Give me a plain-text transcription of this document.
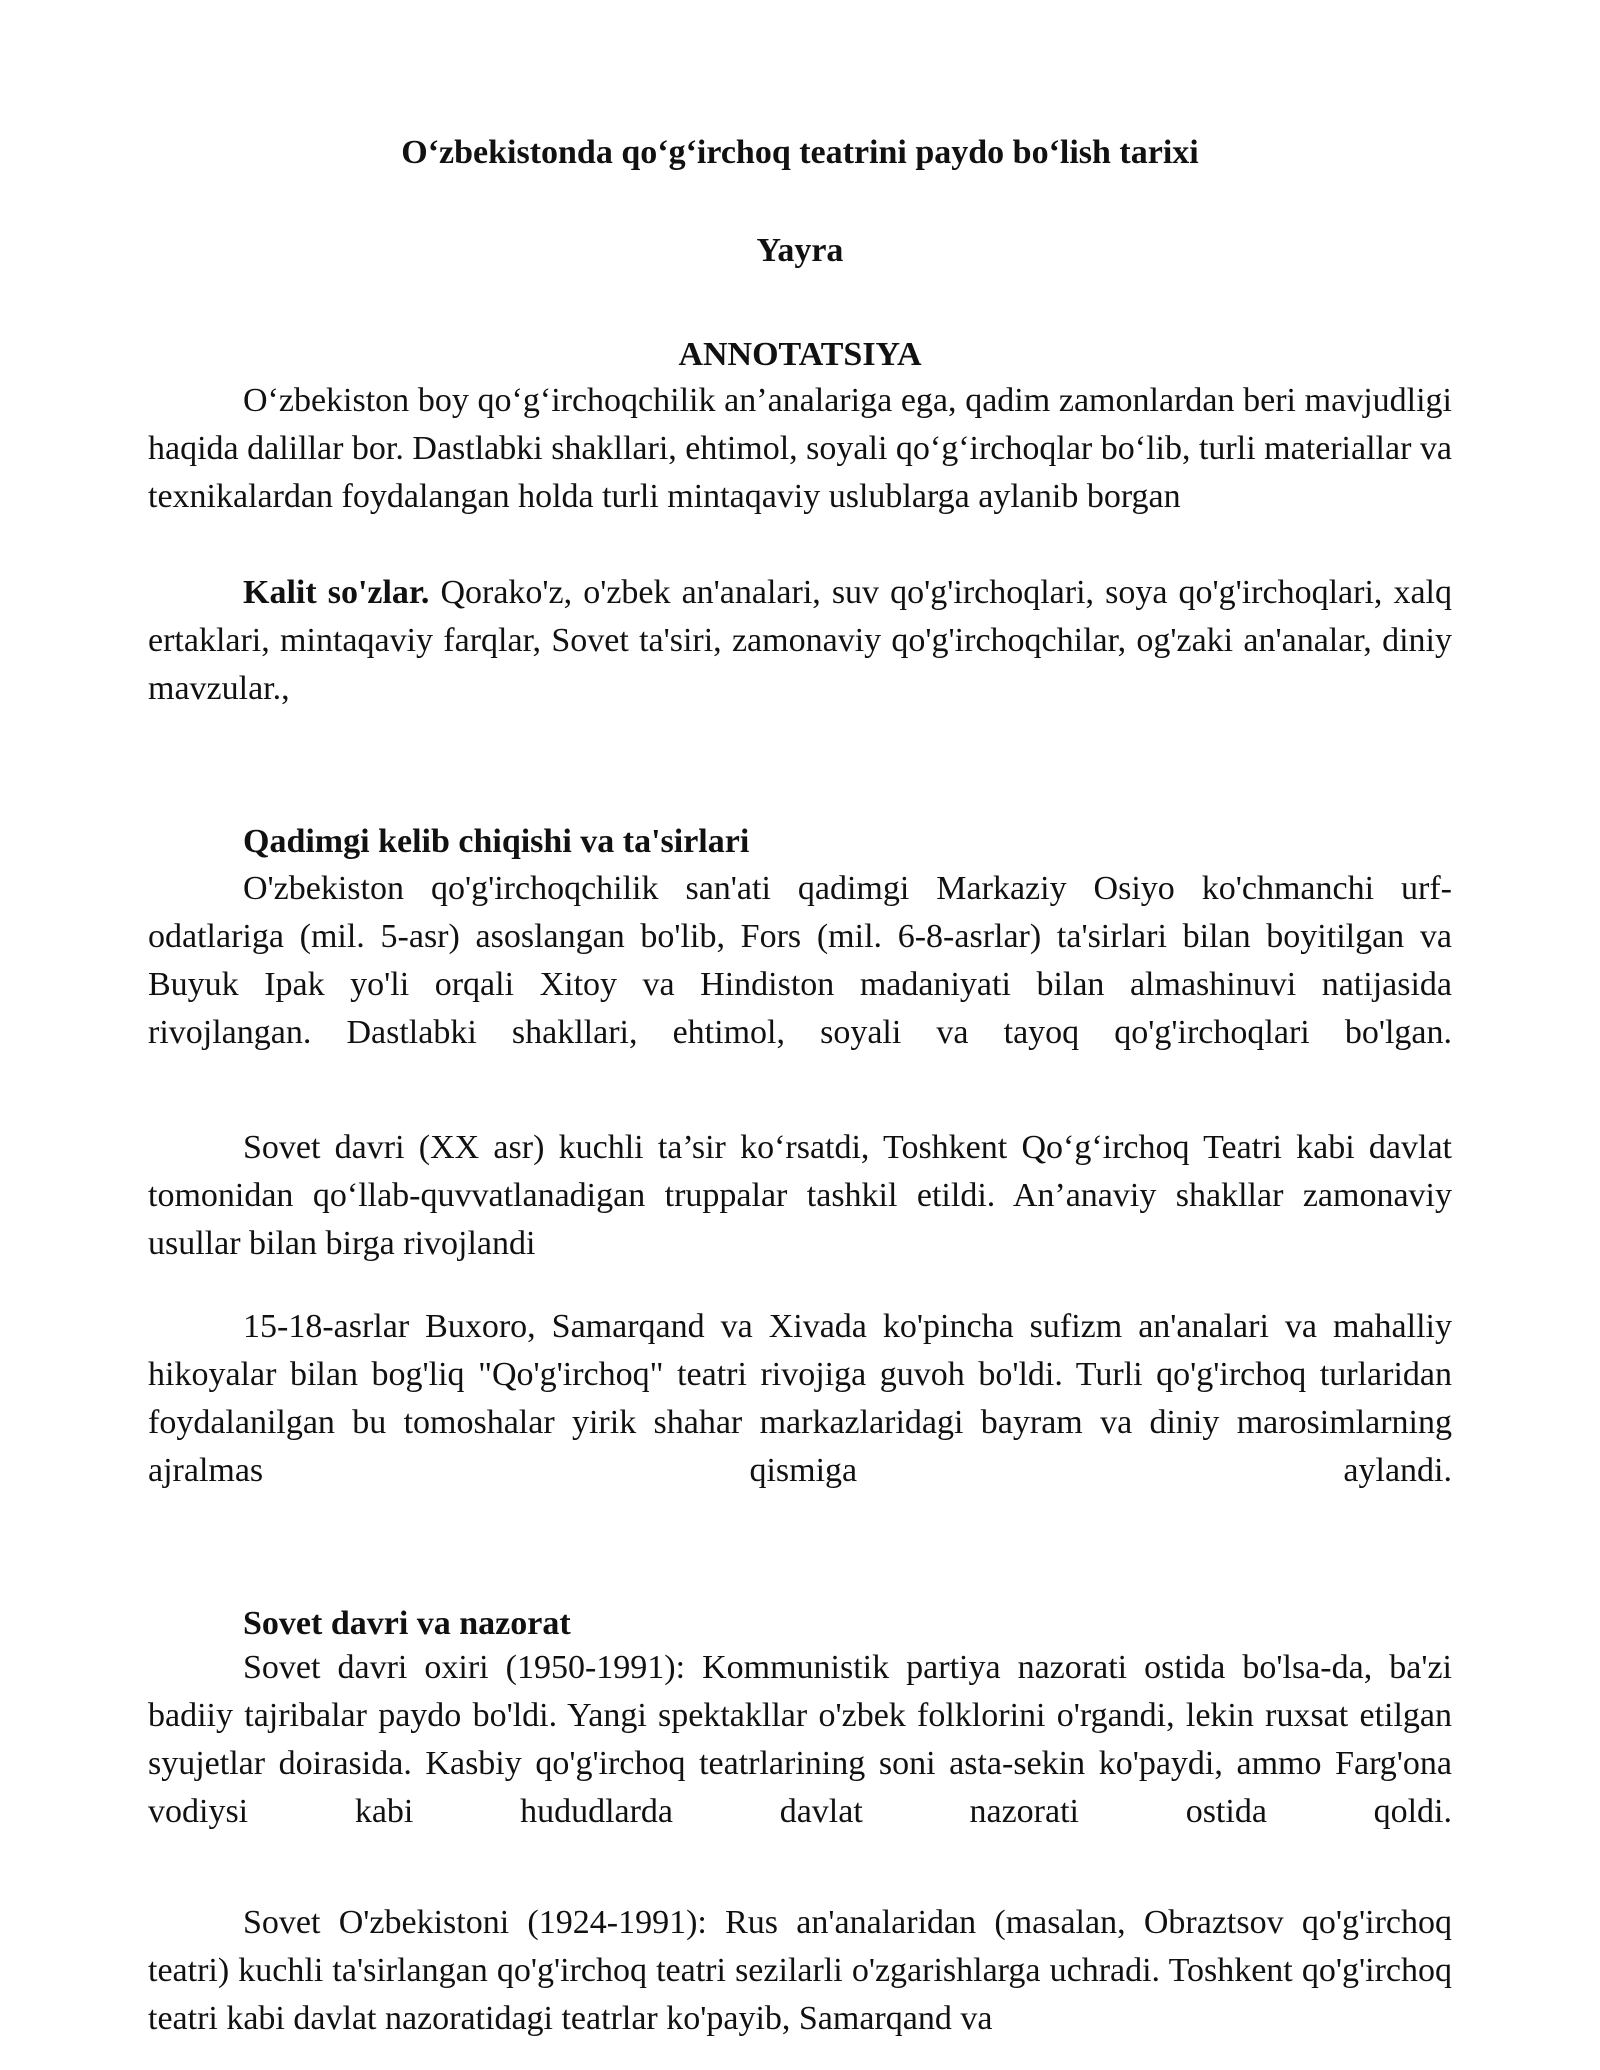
O‘zbekistonda qo‘g‘irchoq teatrini paydo bo‘lish tarixi
Yayra
ANNOTATSIYA

O‘zbekiston boy qo‘g‘irchoqchilik an’analariga ega, qadim zamonlardan beri mavjudligi haqida dalillar bor. Dastlabki shakllari, ehtimol, soyali qo‘g‘irchoqlar bo‘lib, turli materiallar va texnikalardan foydalangan holda turli mintaqaviy uslublarga aylanib borgan

Kalit so'zlar. Qorako'z, o'zbek an'analari, suv qo'g'irchoqlari, soya qo'g'irchoqlari, xalq ertaklari, mintaqaviy farqlar, Sovet ta'siri, zamonaviy qo'g'irchoqchilar, og'zaki an'analar, diniy mavzular.,

Qadimgi kelib chiqishi va ta'sirlari

O'zbekiston qo'g'irchoqchilik san'ati qadimgi Markaziy Osiyo ko'chmanchi urf-odatlariga (mil. 5-asr) asoslangan bo'lib, Fors (mil. 6-8-asrlar) ta'sirlari bilan boyitilgan va Buyuk Ipak yo'li orqali Xitoy va Hindiston madaniyati bilan almashinuvi natijasida rivojlangan. Dastlabki shakllari, ehtimol, soyali va tayoq qo'g'irchoqlari bo'lgan.

Sovet davri (XX asr) kuchli ta’sir ko‘rsatdi, Toshkent Qo‘g‘irchoq Teatri kabi davlat tomonidan qo‘llab-quvvatlanadigan truppalar tashkil etildi. An’anaviy shakllar zamonaviy usullar bilan birga rivojlandi

15-18-asrlar Buxoro, Samarqand va Xivada ko'pincha sufizm an'analari va mahalliy hikoyalar bilan bog'liq "Qo'g'irchoq" teatri rivojiga guvoh bo'ldi. Turli qo'g'irchoq turlaridan foydalanilgan bu tomoshalar yirik shahar markazlaridagi bayram va diniy marosimlarning ajralmas qismiga aylandi.

Sovet davri va nazorat

Sovet davri oxiri (1950-1991): Kommunistik partiya nazorati ostida bo'lsa-da, ba'zi badiiy tajribalar paydo bo'ldi. Yangi spektakllar o'zbek folklorini o'rgandi, lekin ruxsat etilgan syujetlar doirasida. Kasbiy qo'g'irchoq teatrlarining soni asta-sekin ko'paydi, ammo Farg'ona vodiysi kabi hududlarda davlat nazorati ostida qoldi.

Sovet O'zbekistoni (1924-1991): Rus an'analaridan (masalan, Obraztsov qo'g'irchoq teatri) kuchli ta'sirlangan qo'g'irchoq teatri sezilarli o'zgarishlarga uchradi. Toshkent qo'g'irchoq teatri kabi davlat nazoratidagi teatrlar ko'payib, Samarqand va
